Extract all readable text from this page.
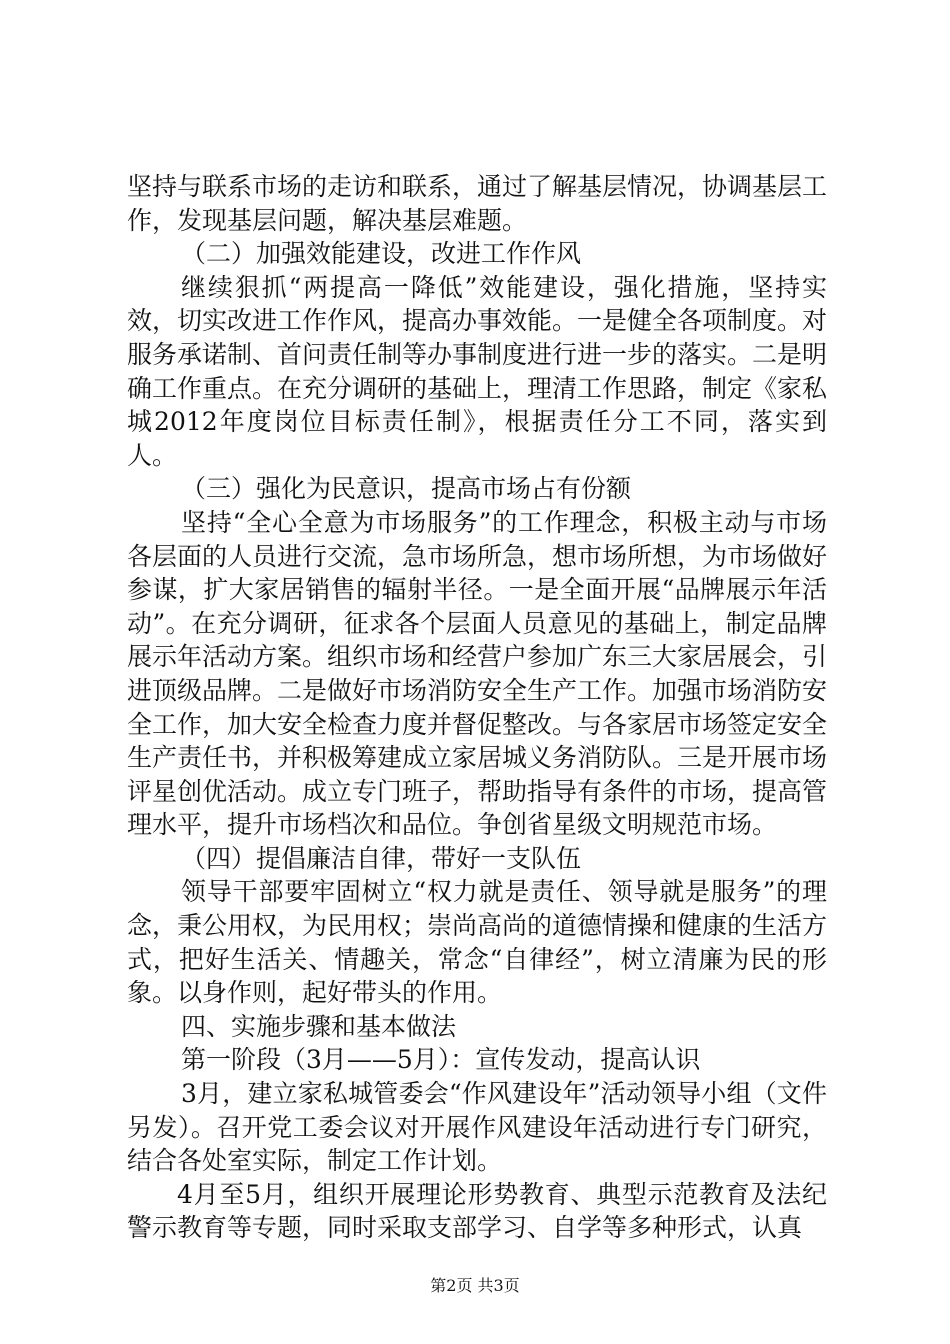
坚持与联系市场的走访和联系，通过了解基层情况，协调基层工作，发现基层问题，解决基层难题。

（二）加强效能建设，改进工作作风

继续狠抓“两提高一降低”效能建设，强化措施，坚持实效，切实改进工作作风，提高办事效能。一是健全各项制度。对服务承诺制、首问责任制等办事制度进行进一步的落实。二是明确工作重点。在充分调研的基础上，理清工作思路，制定《家私城2012年度岗位目标责任制》，根据责任分工不同，落实到人。

（三）强化为民意识，提高市场占有份额

坚持“全心全意为市场服务”的工作理念，积极主动与市场各层面的人员进行交流，急市场所急，想市场所想，为市场做好参谋，扩大家居销售的辐射半径。一是全面开展“品牌展示年活动”。在充分调研，征求各个层面人员意见的基础上，制定品牌展示年活动方案。组织市场和经营户参加广东三大家居展会，引进顶级品牌。二是做好市场消防安全生产工作。加强市场消防安全工作，加大安全检查力度并督促整改。与各家居市场签定安全生产责任书，并积极筹建成立家居城义务消防队。三是开展市场评星创优活动。成立专门班子，帮助指导有条件的市场，提高管理水平，提升市场档次和品位。争创省星级文明规范市场。

（四）提倡廉洁自律，带好一支队伍

领导干部要牢固树立“权力就是责任、领导就是服务”的理念，秉公用权，为民用权；崇尚高尚的道德情操和健康的生活方式，把好生活关、情趣关，常念“自律经”，树立清廉为民的形象。以身作则，起好带头的作用。

四、实施步骤和基本做法

第一阶段（3月——5月）：宣传发动，提高认识

3月，建立家私城管委会“作风建设年”活动领导小组（文件另发）。召开党工委会议对开展作风建设年活动进行专门研究，结合各处室实际，制定工作计划。

4月至5月，组织开展理论形势教育、典型示范教育及法纪警示教育等专题，同时采取支部学习、自学等多种形式，认真

第2页 共3页
